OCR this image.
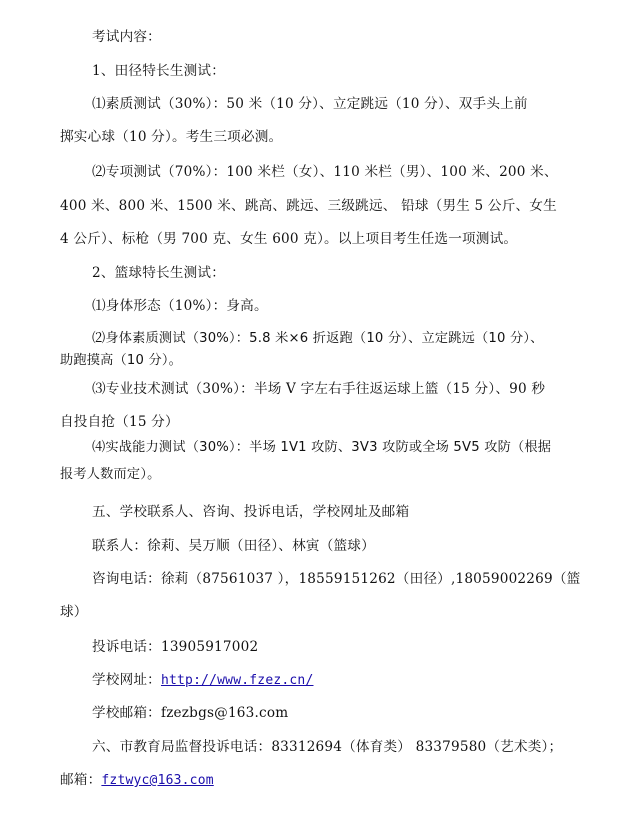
考试内容：
1、田径特长生测试：
⑴素质测试（30%）：50 米（10 分）、立定跳远（10 分）、双手头上前
掷实心球（10 分）。考生三项必测。
⑵专项测试（70%）：100 米栏（女）、110 米栏（男）、100 米、200 米、
400 米、800 米、1500 米、跳高、跳远、三级跳远、 铅球（男生 5 公斤、女生
4 公斤）、标枪（男 700 克、女生 600 克）。以上项目考生任选一项测试。
2、篮球特长生测试：
⑴身体形态（10%）：身高。
⑵身体素质测试（30%）：5.8 米×6 折返跑（10 分）、立定跳远（10 分）、
助跑摸高（10 分）。
⑶专业技术测试（30%）：半场 V 字左右手往返运球上篮（15 分）、90 秒
自投自抢（15 分）
⑷实战能力测试（30%）：半场 1V1 攻防、3V3 攻防或全场 5V5 攻防（根据
报考人数而定）。
五、学校联系人、咨询、投诉电话，学校网址及邮箱
联系人：徐莉、吴万顺（田径）、林寅（篮球）
咨询电话：徐莉（87561037 ），18559151262（田径）,18059002269（篮
球）
投诉电话：13905917002
学校网址：http://www.fzez.cn/
学校邮箱：fzezbgs@163.com
六、市教育局监督投诉电话：83312694（体育类） 83379580（艺术类）；
邮箱：fztwyc@163.com
